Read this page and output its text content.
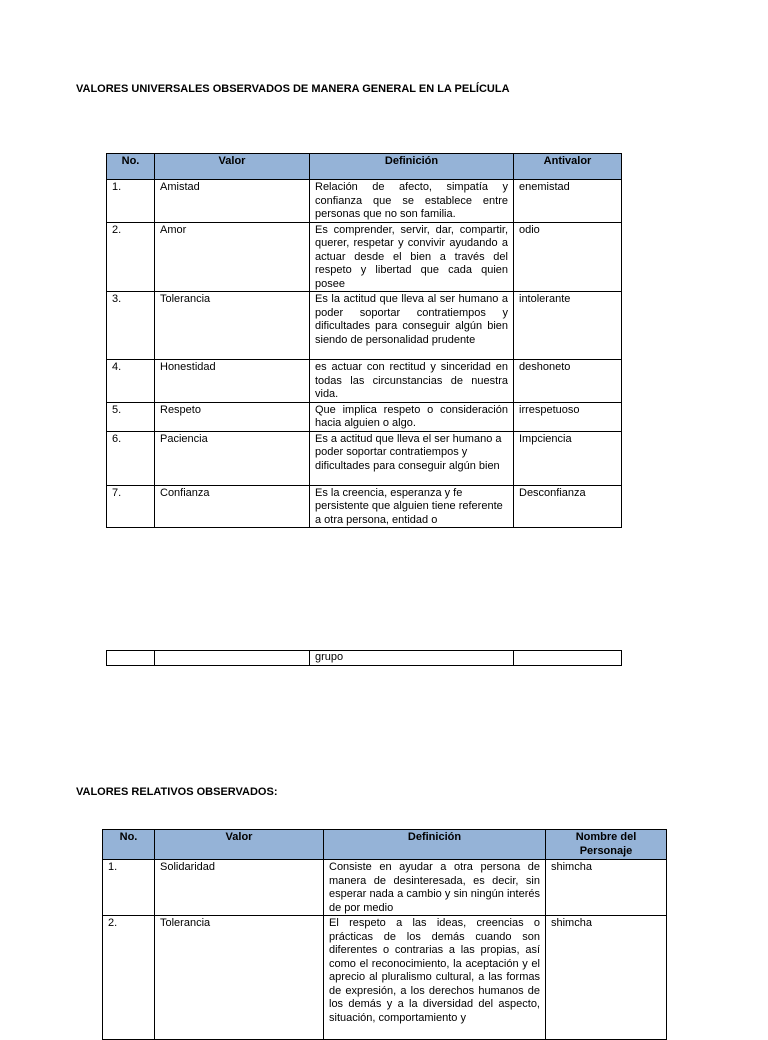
VALORES UNIVERSALES OBSERVADOS DE MANERA GENERAL EN LA PELÍCULA
No.	Valor	Definición	Antivalor
1.	Amistad	Relación de afecto, simpatía y confianza que se establece entre personas que no son familia.	enemistad
2.	Amor	Es comprender, servir, dar, compartir, querer, respetar y convivir ayudando a actuar desde el bien a través del respeto y libertad que cada quien posee	odio
3.	Tolerancia	Es la actitud que lleva al ser humano a poder soportar contratiempos y dificultades para conseguir algún bien siendo de personalidad prudente	intolerante
4.	Honestidad	es actuar con rectitud y sinceridad en todas las circunstancias de nuestra vida.	deshoneto
5.	Respeto	Que implica respeto o consideración hacia alguien o algo.	irrespetuoso
6.	Paciencia	Es a actitud que lleva el ser humano a poder soportar contratiempos y dificultades para conseguir algún bien	Impciencia
7.	Confianza	Es la creencia, esperanza y fe persistente que alguien tiene referente a otra persona, entidad o	Desconfianza
		grupo	
VALORES RELATIVOS OBSERVADOS:
No.	Valor	Definición	Nombre del Personaje
1.	Solidaridad	Consiste en ayudar a otra persona de manera de desinteresada, es decir, sin esperar nada a cambio y sin ningún interés de por medio	shimcha
2.	Tolerancia	El respeto a las ideas, creencias o prácticas de los demás cuando son diferentes o contrarias a las propias, así como el reconocimiento, la aceptación y el aprecio al pluralismo cultural, a las formas de expresión, a los derechos humanos de los demás y a la diversidad del aspecto, situación, comportamiento y	shimcha
